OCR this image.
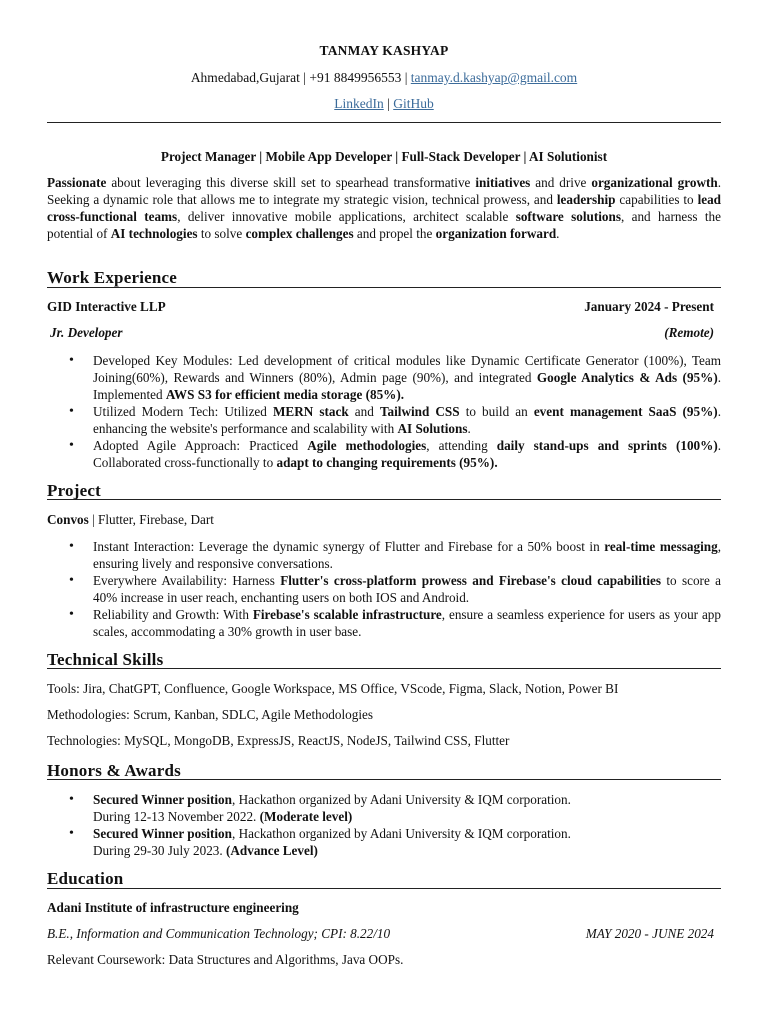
TANMAY KASHYAP
Ahmedabad,Gujarat | +91 8849956553 | tanmay.d.kashyap@gmail.com
LinkedIn | GitHub
Project Manager | Mobile App Developer | Full-Stack Developer | AI Solutionist
Passionate about leveraging this diverse skill set to spearhead transformative initiatives and drive organizational growth. Seeking a dynamic role that allows me to integrate my strategic vision, technical prowess, and leadership capabilities to lead cross-functional teams, deliver innovative mobile applications, architect scalable software solutions, and harness the potential of AI technologies to solve complex challenges and propel the organization forward.
Work Experience
GID Interactive LLP	January 2024 - Present
Jr. Developer	(Remote)
• Developed Key Modules: Led development of critical modules like Dynamic Certificate Generator (100%), Team Joining(60%), Rewards and Winners (80%), Admin page (90%), and integrated Google Analytics & Ads (95%). Implemented AWS S3 for efficient media storage (85%).
• Utilized Modern Tech: Utilized MERN stack and Tailwind CSS to build an event management SaaS (95%). enhancing the website's performance and scalability with AI Solutions.
• Adopted Agile Approach: Practiced Agile methodologies, attending daily stand-ups and sprints (100%). Collaborated cross-functionally to adapt to changing requirements (95%).
Project
Convos | Flutter, Firebase, Dart
• Instant Interaction: Leverage the dynamic synergy of Flutter and Firebase for a 50% boost in real-time messaging, ensuring lively and responsive conversations.
• Everywhere Availability: Harness Flutter's cross-platform prowess and Firebase's cloud capabilities to score a 40% increase in user reach, enchanting users on both IOS and Android.
• Reliability and Growth: With Firebase's scalable infrastructure, ensure a seamless experience for users as your app scales, accommodating a 30% growth in user base.
Technical Skills
Tools: Jira, ChatGPT, Confluence, Google Workspace, MS Office, VScode, Figma, Slack, Notion, Power BI
Methodologies: Scrum, Kanban, SDLC, Agile Methodologies
Technologies: MySQL, MongoDB, ExpressJS, ReactJS, NodeJS, Tailwind CSS, Flutter
Honors & Awards
• Secured Winner position, Hackathon organized by Adani University & IQM corporation.
During 12-13 November 2022. (Moderate level)
• Secured Winner position, Hackathon organized by Adani University & IQM corporation.
During 29-30 July 2023. (Advance Level)
Education
Adani Institute of infrastructure engineering
B.E., Information and Communication Technology; CPI: 8.22/10	MAY 2020 - JUNE 2024
Relevant Coursework: Data Structures and Algorithms, Java OOPs.
